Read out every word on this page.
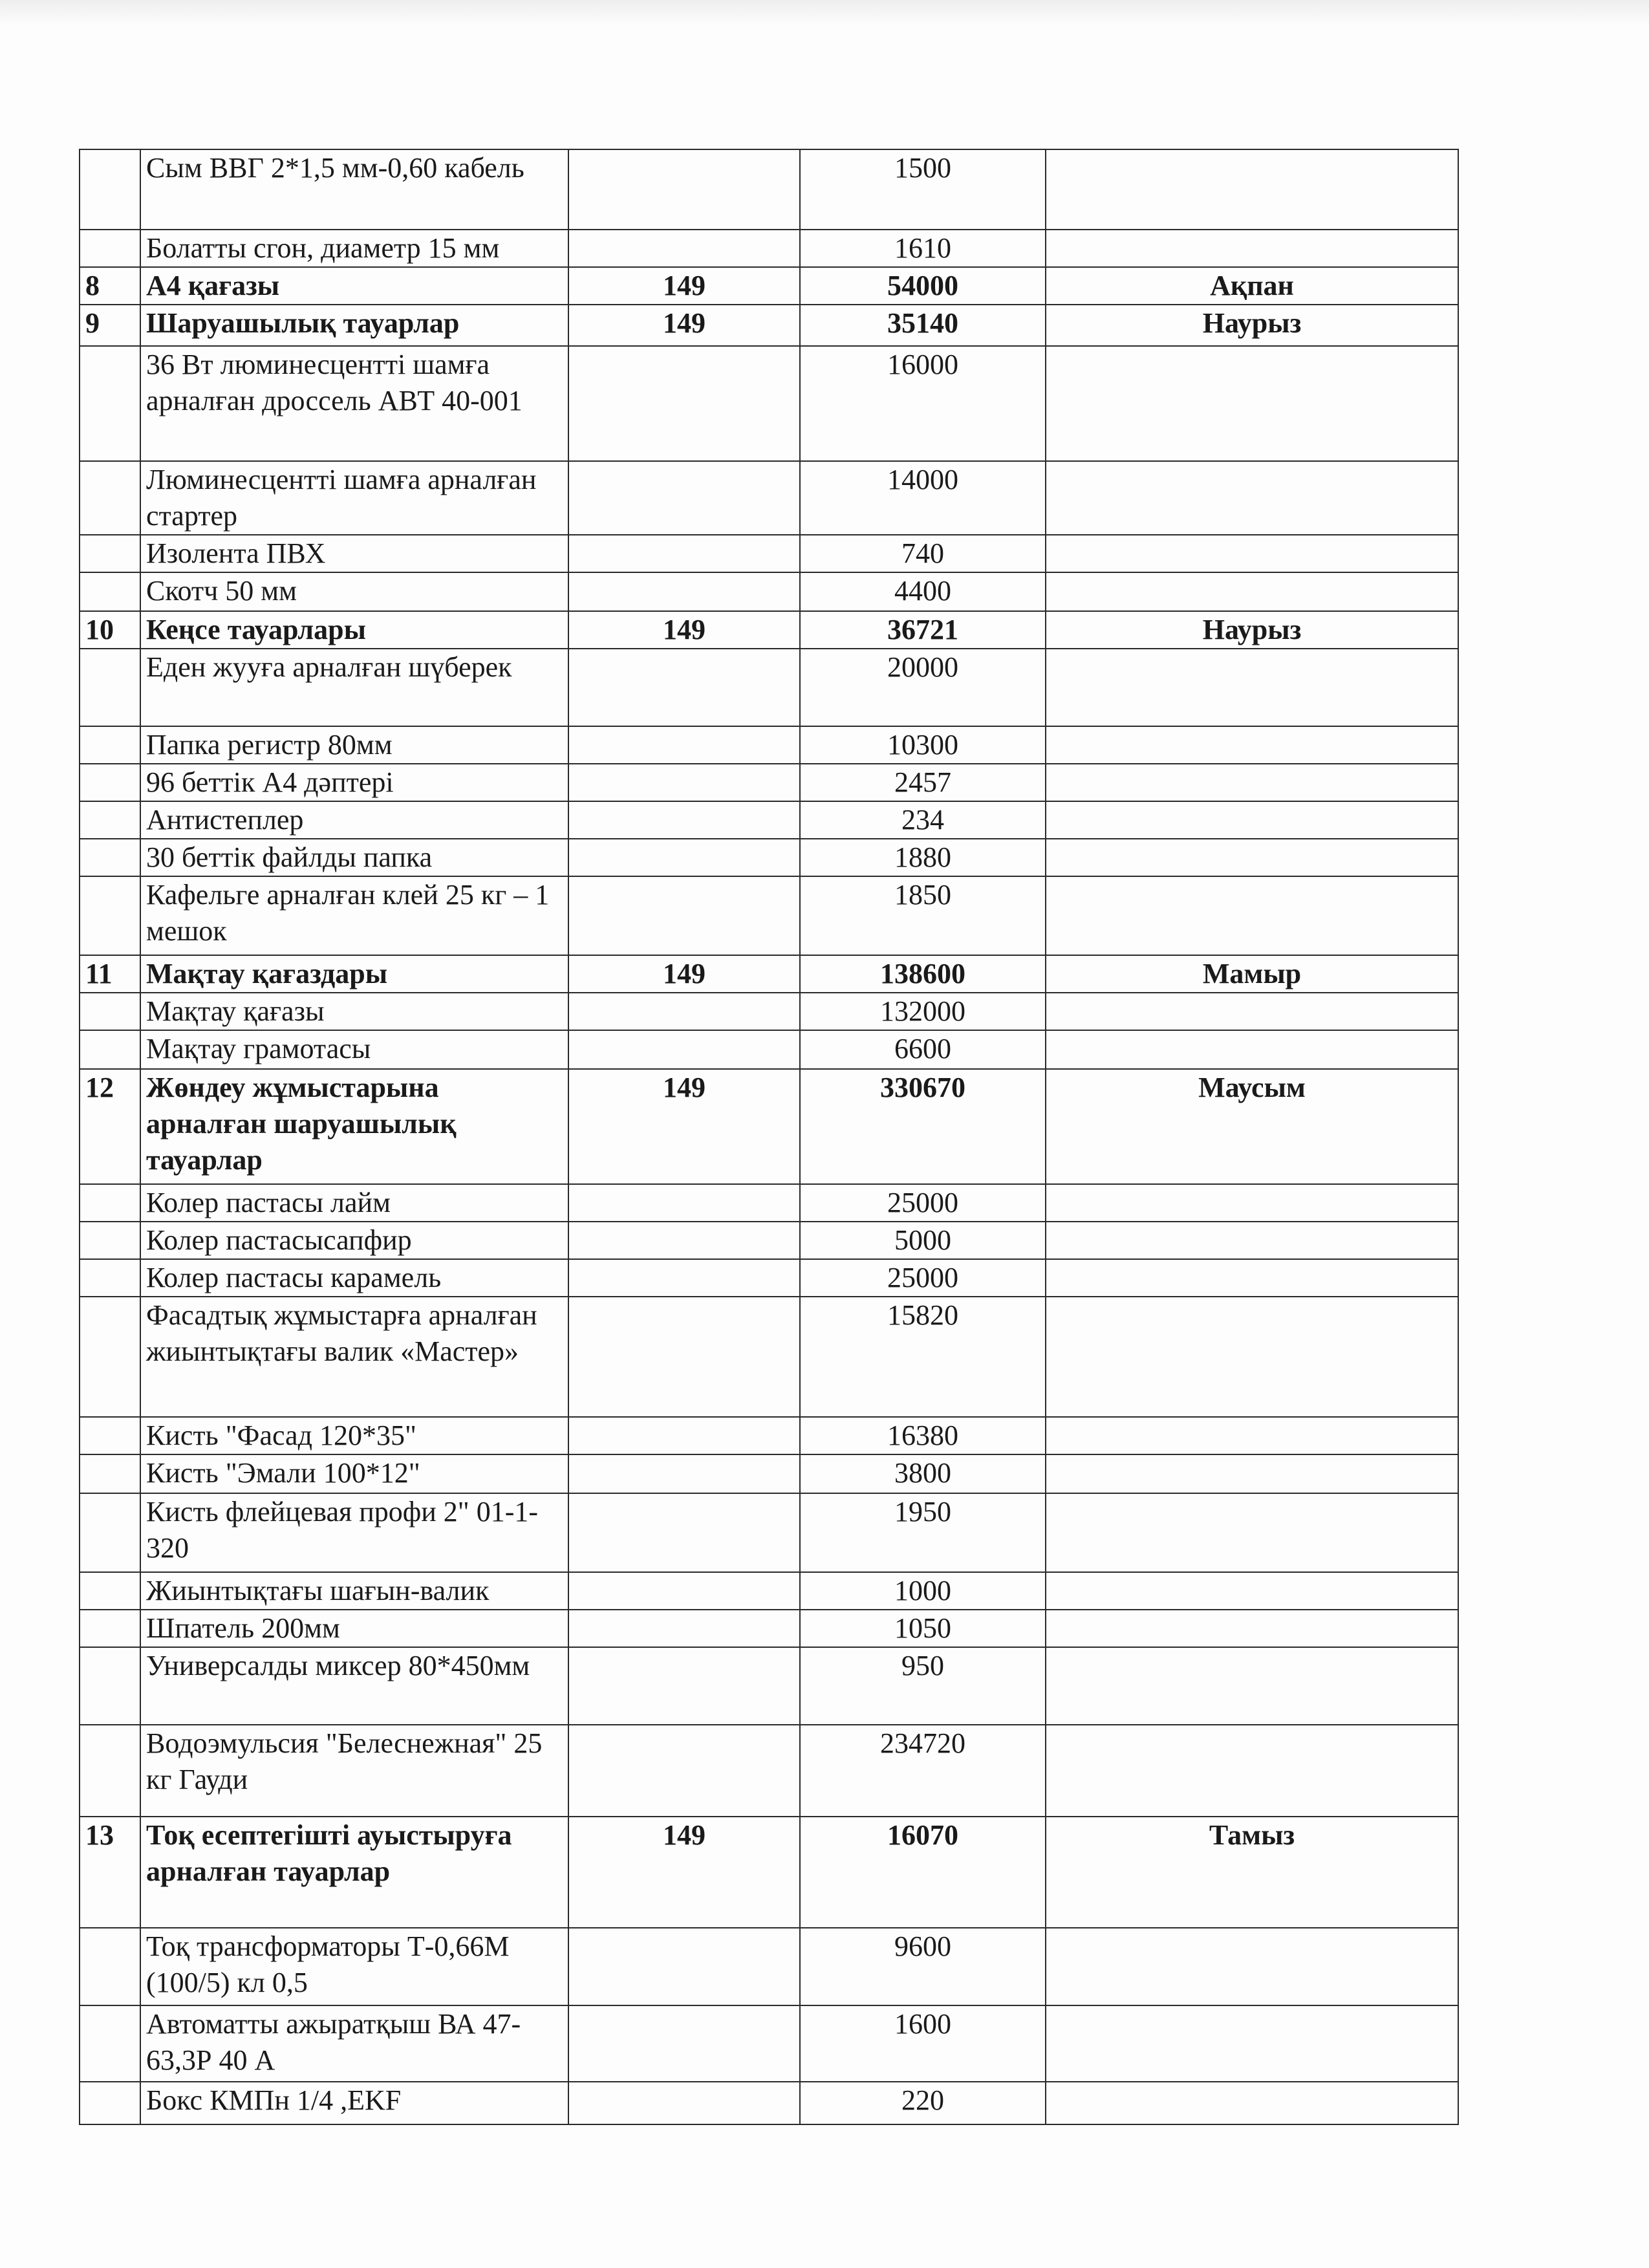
	Сым ВВГ 2*1,5 мм-0,60 кабель		1500	
	Болатты сгон, диаметр 15 мм		1610	
8	А4 қағазы	149	54000	Ақпан
9	Шаруашылық тауарлар	149	35140	Наурыз
	36 Вт люминесцентті шамға арналған дроссель АВТ 40-001		16000	
	Люминесцентті шамға арналған стартер		14000	
	Изолента ПВХ		740	
	Скотч 50 мм		4400	
10	Кеңсе тауарлары	149	36721	Наурыз
	Еден жууға арналған шүберек		20000	
	Папка регистр 80мм		10300	
	96 беттік А4 дәптері		2457	
	Антистеплер		234	
	30 беттік файлды папка		1880	
	Кафельге арналған клей 25 кг – 1 мешок		1850	
11	Мақтау қағаздары	149	138600	Мамыр
	Мақтау қағазы		132000	
	Мақтау грамотасы		6600	
12	Жөндеу жұмыстарына арналған шаруашылық тауарлар	149	330670	Маусым
	Колер пастасы лайм		25000	
	Колер пастасысапфир		5000	
	Колер пастасы карамель		25000	
	Фасадтық жұмыстарға арналған жиынтықтағы валик «Мастер»		15820	
	Кисть "Фасад 120*35"		16380	
	Кисть "Эмали 100*12"		3800	
	Кисть флейцевая профи 2" 01-1-320		1950	
	Жиынтықтағы шағын-валик		1000	
	Шпатель 200мм		1050	
	Универсалды миксер 80*450мм		950	
	Водоэмульсия "Белеснежная" 25 кг Гауди		234720	
13	Тоқ есептегішті ауыстыруға арналған тауарлар	149	16070	Тамыз
	Тоқ трансформаторы Т-0,66М (100/5) кл 0,5		9600	
	Автоматты ажыратқыш ВА 47-63,3Р 40 А		1600	
	Бокс КМПн 1/4 ,EKF		220	
